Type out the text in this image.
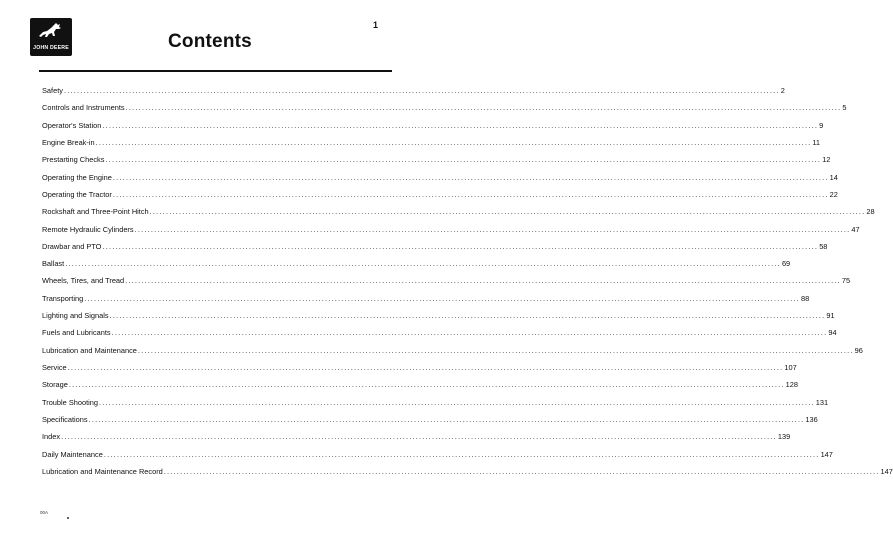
JOHN DEERE
1
Contents
Safety ............................................................................................................................................................................................................................ 2
Controls and Instruments ............................................................................................................................................................................................................................ 5
Operator's Station ............................................................................................................................................................................................................................ 9
Engine Break-in ............................................................................................................................................................................................................................ 11
Prestarting Checks ............................................................................................................................................................................................................................ 12
Operating the Engine ............................................................................................................................................................................................................................ 14
Operating the Tractor ............................................................................................................................................................................................................................ 22
Rockshaft and Three-Point Hitch ............................................................................................................................................................................................................................ 28
Remote Hydraulic Cylinders ............................................................................................................................................................................................................................ 47
Drawbar and PTO ............................................................................................................................................................................................................................ 58
Ballast ............................................................................................................................................................................................................................ 69
Wheels, Tires, and Tread ............................................................................................................................................................................................................................ 75
Transporting ............................................................................................................................................................................................................................ 88
Lighting and Signals ............................................................................................................................................................................................................................ 91
Fuels and Lubricants ............................................................................................................................................................................................................................ 94
Lubrication and Maintenance ............................................................................................................................................................................................................................ 96
Service ............................................................................................................................................................................................................................ 107
Storage ............................................................................................................................................................................................................................ 128
Trouble Shooting ............................................................................................................................................................................................................................ 131
Specifications ............................................................................................................................................................................................................................ 136
Index ............................................................................................................................................................................................................................ 139
Daily Maintenance ............................................................................................................................................................................................................................ 147
Lubrication and Maintenance Record ............................................................................................................................................................................................................................ 147
00A
